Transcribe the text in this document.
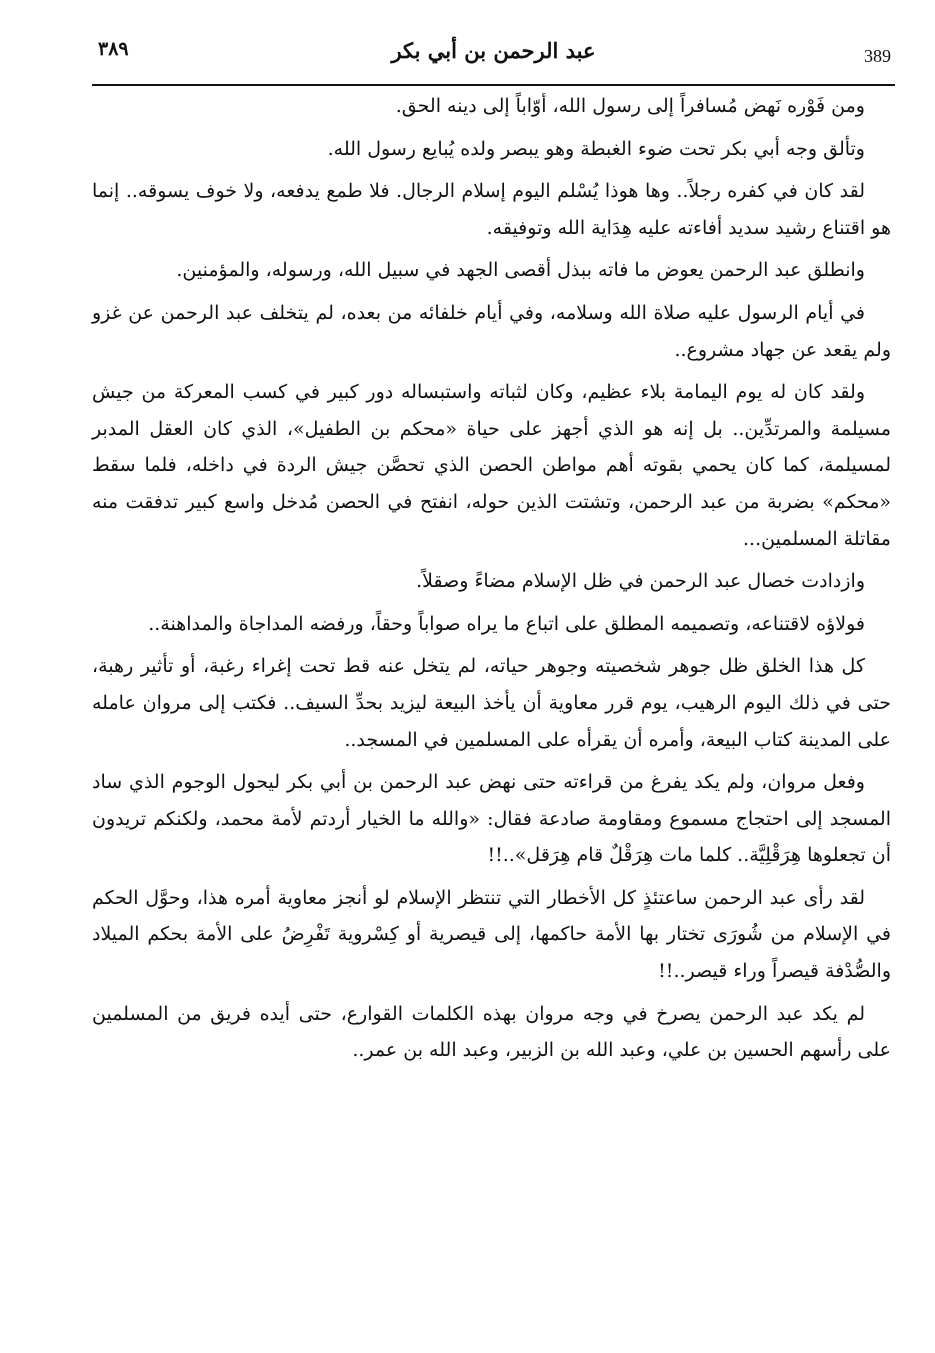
٣٨٩	عبد الرحمن بن أبي بكر	389

ومن فَوْره نَهض مُسافراً إلى رسول الله، أوّاباً إلى دينه الحق.

وتألق وجه أبي بكر تحت ضوء الغبطة وهو يبصر ولده يُبايع رسول الله.

لقد كان في كفره رجلاً.. وها هوذا يُسْلم اليوم إسلام الرجال. فلا طمع يدفعه، ولا خوف يسوقه.. إنما هو اقتناع رشيد سديد أفاءته عليه هِدَاية الله وتوفيقه.

وانطلق عبد الرحمن يعوض ما فاته ببذل أقصى الجهد في سبيل الله، ورسوله، والمؤمنين.

في أيام الرسول عليه صلاة الله وسلامه، وفي أيام خلفائه من بعده، لم يتخلف عبد الرحمن عن غزو ولم يقعد عن جهاد مشروع..

ولقد كان له يوم اليمامة بلاء عظيم، وكان لثباته واستبساله دور كبير في كسب المعركة من جيش مسيلمة والمرتدِّين.. بل إنه هو الذي أجهز على حياة «محكم بن الطفيل»، الذي كان العقل المدبر لمسيلمة، كما كان يحمي بقوته أهم مواطن الحصن الذي تحصَّن جيش الردة في داخله، فلما سقط «محكم» بضربة من عبد الرحمن، وتشتت الذين حوله، انفتح في الحصن مُدخل واسع كبير تدفقت منه مقاتلة المسلمين...

وازدادت خصال عبد الرحمن في ظل الإسلام مضاءً وصقلاً.

فولاؤه لاقتناعه، وتصميمه المطلق على اتباع ما يراه صواباً وحقاً، ورفضه المداجاة والمداهنة..

كل هذا الخلق ظل جوهر شخصيته وجوهر حياته، لم يتخل عنه قط تحت إغراء رغبة، أو تأثير رهبة، حتى في ذلك اليوم الرهيب، يوم قرر معاوية أن يأخذ البيعة ليزيد بحدِّ السيف.. فكتب إلى مروان عامله على المدينة كتاب البيعة، وأمره أن يقرأه على المسلمين في المسجد..

وفعل مروان، ولم يكد يفرغ من قراءته حتى نهض عبد الرحمن بن أبي بكر ليحول الوجوم الذي ساد المسجد إلى احتجاج مسموع ومقاومة صادعة فقال: «والله ما الخيار أردتم لأمة محمد، ولكنكم تريدون أن تجعلوها هِرَقْلِيَّة.. كلما مات هِرَقْلٌ قام هِرَقل»..!!

لقد رأى عبد الرحمن ساعتئذٍ كل الأخطار التي تنتظر الإسلام لو أنجز معاوية أمره هذا، وحوَّل الحكم في الإسلام من شُورَى تختار بها الأمة حاكمها، إلى قيصرية أو كِسْروية تَفْرِضُ على الأمة بحكم الميلاد والصُّدْفة قيصراً وراء قيصر..!!

لم يكد عبد الرحمن يصرخ في وجه مروان بهذه الكلمات القوارع، حتى أيده فريق من المسلمين على رأسهم الحسين بن علي، وعبد الله بن الزبير، وعبد الله بن عمر..
